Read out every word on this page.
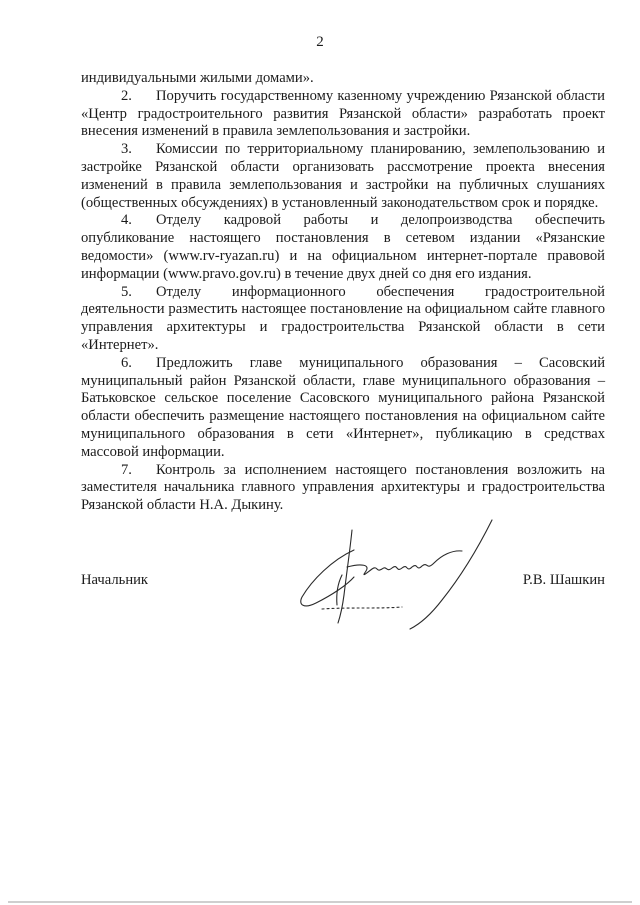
2

индивидуальными жилыми домами».

2. Поручить государственному казенному учреждению Рязанской области «Центр градостроительного развития Рязанской области» разработать проект внесения изменений в правила землепользования и застройки.

3. Комиссии по территориальному планированию, землепользованию и застройке Рязанской области организовать рассмотрение проекта внесения изменений в правила землепользования и застройки на публичных слушаниях (общественных обсуждениях) в установленный законодательством срок и порядке.

4. Отделу кадровой работы и делопроизводства обеспечить опубликование настоящего постановления в сетевом издании «Рязанские ведомости» (www.rv-ryazan.ru) и на официальном интернет-портале правовой информации (www.pravo.gov.ru) в течение двух дней со дня его издания.

5. Отделу информационного обеспечения градостроительной деятельности разместить настоящее постановление на официальном сайте главного управления архитектуры и градостроительства Рязанской области в сети «Интернет».

6. Предложить главе муниципального образования – Сасовский муниципальный район Рязанской области, главе муниципального образования – Батьковское сельское поселение Сасовского муниципального района Рязанской области обеспечить размещение настоящего постановления на официальном сайте муниципального образования в сети «Интернет», публикацию в средствах массовой информации.

7. Контроль за исполнением настоящего постановления возложить на заместителя начальника главного управления архитектуры и градостроительства Рязанской области Н.А. Дыкину.

Начальник	Р.В. Шашкин
